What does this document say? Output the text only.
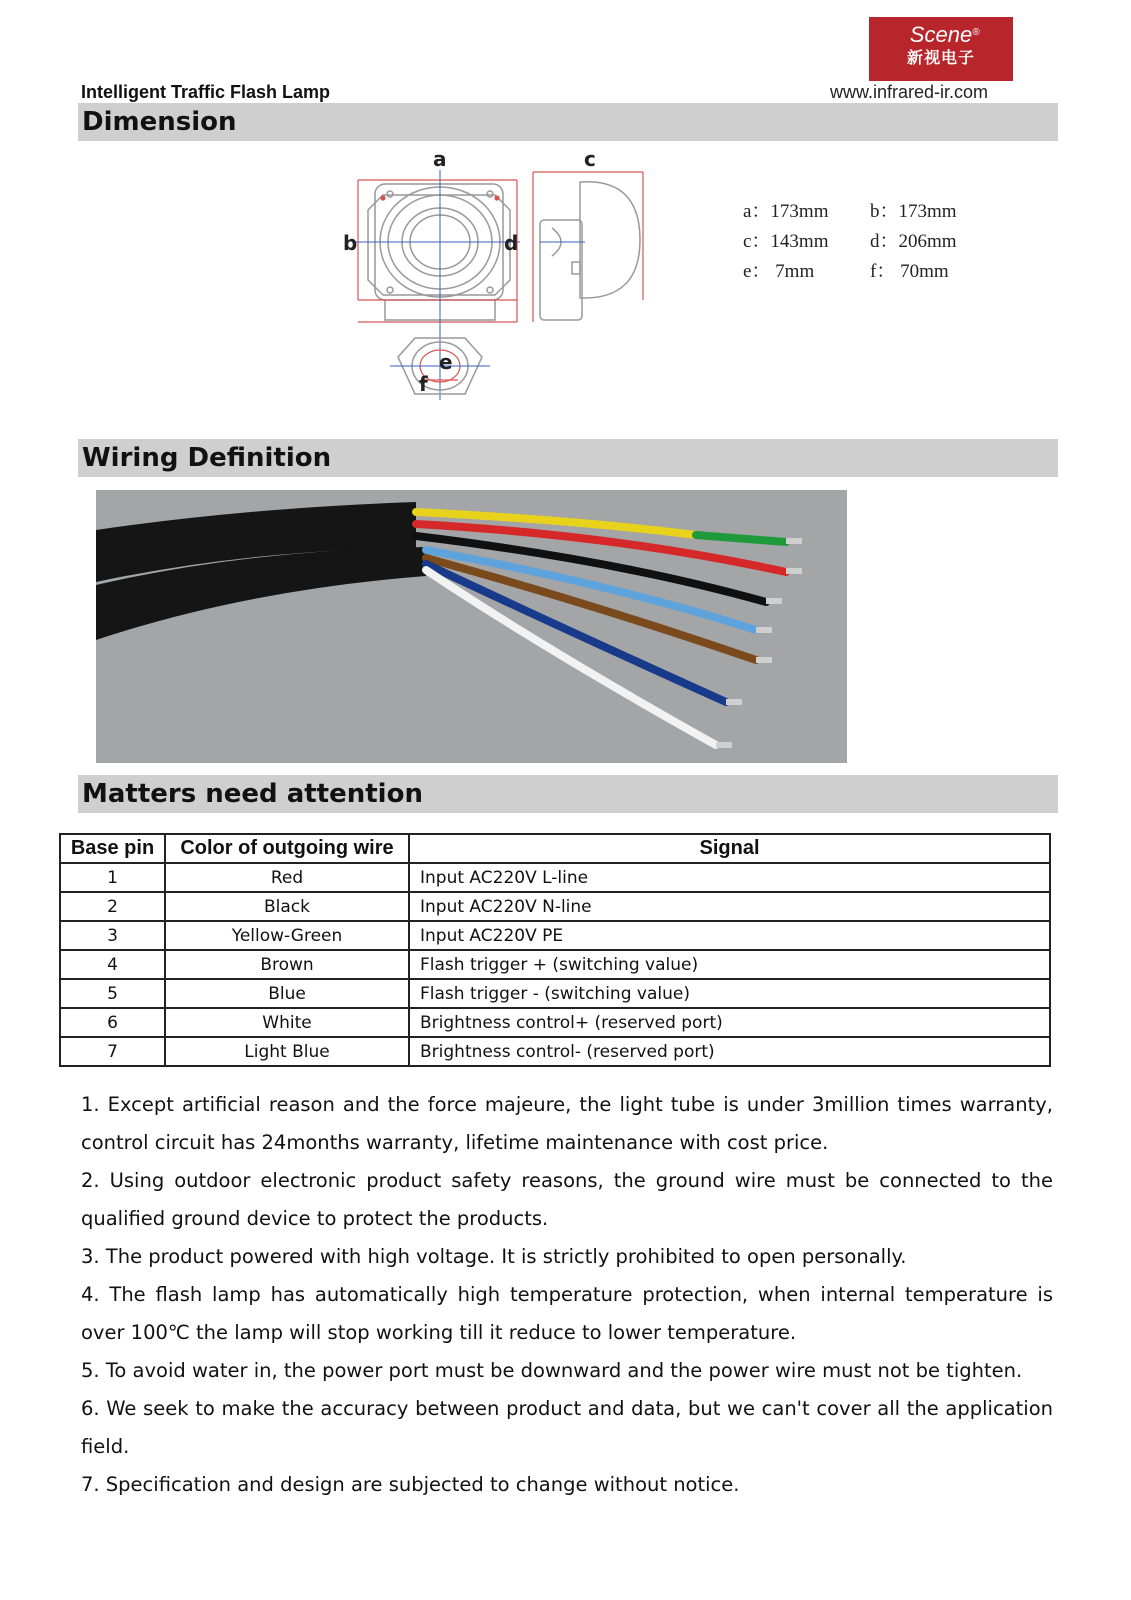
Scene ®
新视电子
Intelligent Traffic Flash Lamp	www.infrared-ir.com
Dimension
a
b
c
d
e
f
a：173mm b：173mm
c：143mm d：206mm
e： 7mm	f： 70mm
Wiring Definition
Matters need attention
Base pin	Color of outgoing wire	Signal
1	Red	Input AC220V L-line
2	Black	Input AC220V N-line
3	Yellow-Green	Input AC220V PE
4	Brown	Flash trigger + (switching value)
5	Blue	Flash trigger - (switching value)
6	White	Brightness control+ (reserved port)
7	Light Blue	Brightness control- (reserved port)

1. Except artificial reason and the force majeure, the light tube is under 3million times warranty, control circuit has 24months warranty, lifetime maintenance with cost price.

2. Using outdoor electronic product safety reasons, the ground wire must be connected to the qualified ground device to protect the products.

3. The product powered with high voltage. It is strictly prohibited to open personally.

4. The flash lamp has automatically high temperature protection, when internal temperature is over 100℃ the lamp will stop working till it reduce to lower temperature.

5. To avoid water in, the power port must be downward and the power wire must not be tighten.

6. We seek to make the accuracy between product and data, but we can't cover all the application field.

7. Specification and design are subjected to change without notice.
